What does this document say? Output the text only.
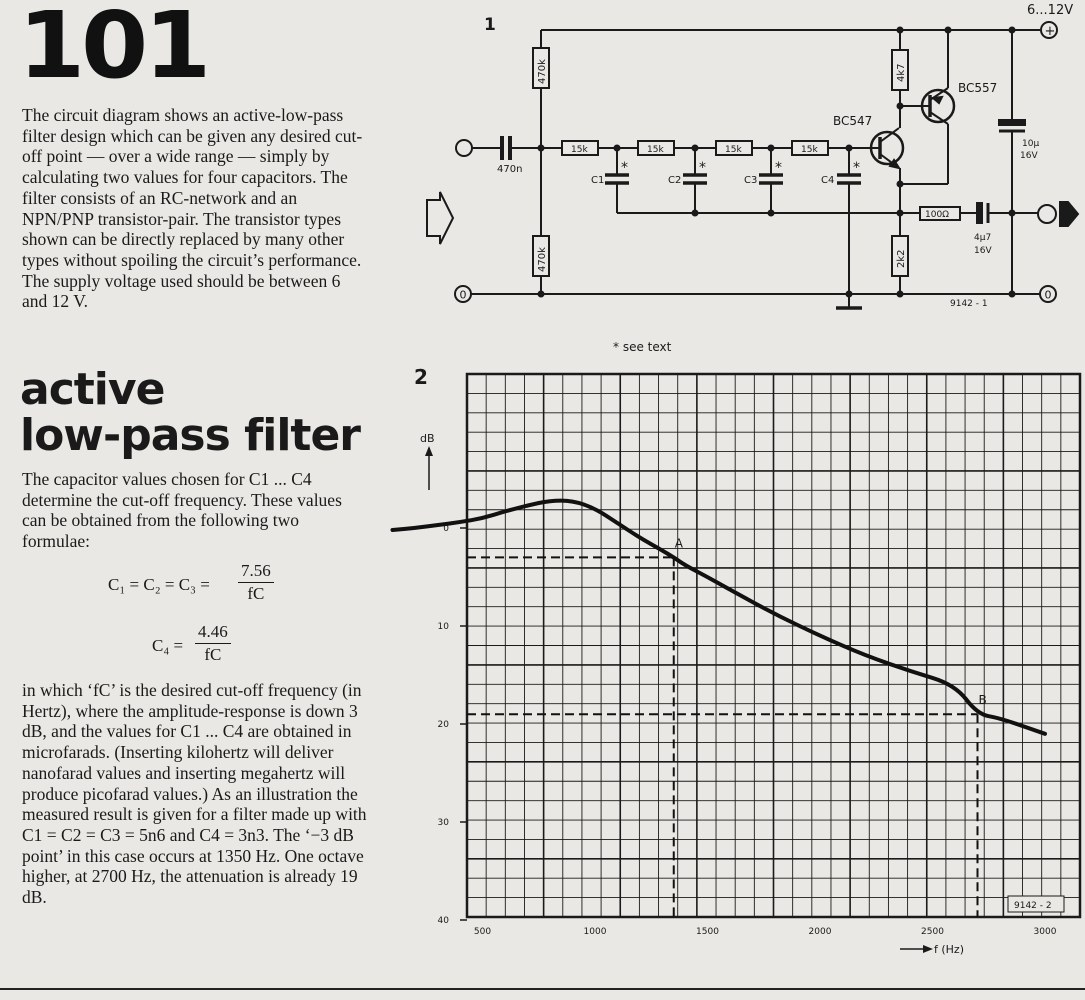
101

The circuit diagram shows an active-low-pass filter design which can be given any desired cut-off point — over a wide range — simply by calculating two values for four capacitors. The filter consists of an RC-network and an NPN/PNP transistor-pair. The transistor types shown can be directly replaced by many other types without spoiling the circuit’s performance. The supply voltage used should be between 6 and 12 V.

active
low-pass filter

The capacitor values chosen for C1 ... C4 determine the cut-off frequency. These values can be obtained from the following two formulae:

$C_1 = C_2 = C_3 = \frac{7.56}{fC}$
$C_4 = \frac{4.46}{fC}$

in which ‘fC’ is the desired cut-off frequency (in Hertz), where the amplitude-response is down 3 dB, and the values for C1 ... C4 are obtained in microfarads. (Inserting kilohertz will deliver nanofarad values and inserting megahertz will produce picofarad values.) As an illustration the measured result is given for a filter made up with C1 = C2 = C3 = 5n6 and C4 = 3n3. The ‘−3 dB point’ in this case occurs at 1350 Hz. One octave higher, at 2700 Hz, the attenuation is already 19 dB.

1
6...12V
+
0	0
470n
470k
470k
15k	15k	15k	15k
C1
*
C2
*
C3
*
C4
*
BC547
4k7
BC557
2k2
100Ω
4µ7
16V
10µ
16V
9142 - 1
* see text
2
dB
0
10
20
30
40
500	1000	1500	2000	2500	3000
A
B
9142 - 2
f (Hz)
